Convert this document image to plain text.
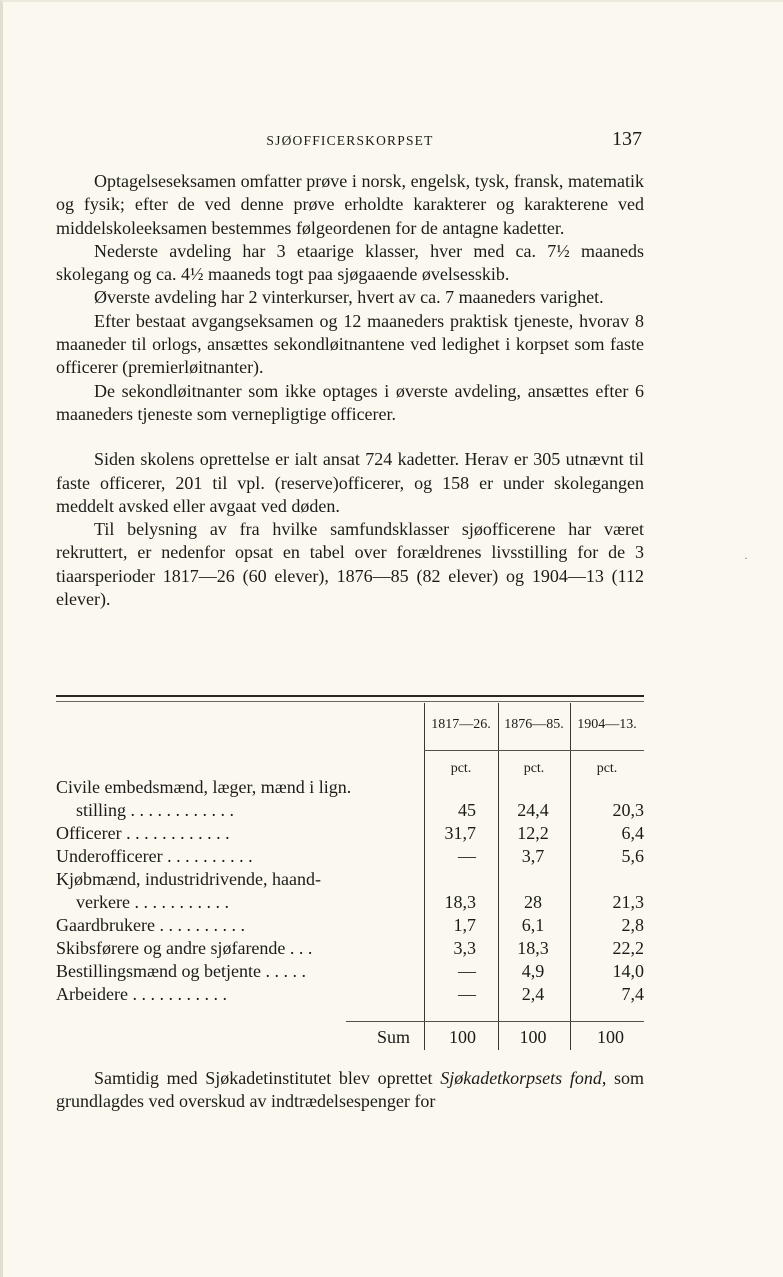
·
SJØOFFICERSKORPSET	137

Optagelseseksamen omfatter prøve i norsk, engelsk, tysk, fransk, matematik og fysik; efter de ved denne prøve erholdte karakterer og karakterene ved middelskoleeksamen bestemmes følgeordenen for de antagne kadetter.

Nederste avdeling har 3 etaarige klasser, hver med ca. 7½ maaneds skolegang og ca. 4½ maaneds togt paa sjøgaaende øvelsesskib.

Øverste avdeling har 2 vinterkurser, hvert av ca. 7 maaneders varighet.

Efter bestaat avgangseksamen og 12 maaneders praktisk tjeneste, hvorav 8 maaneder til orlogs, ansættes sekondløitnantene ved ledighet i korpset som faste officerer (premierløitnanter).

De sekondløitnanter som ikke optages i øverste avdeling, ansættes efter 6 maaneders tjeneste som vernepligtige officerer.

Siden skolens oprettelse er ialt ansat 724 kadetter. Herav er 305 utnævnt til faste officerer, 201 til vpl. (reserve)officerer, og 158 er under skolegangen meddelt avsked eller avgaat ved døden.

Til belysning av fra hvilke samfundsklasser sjøofficerene har været rekruttert, er nedenfor opsat en tabel over forældrenes livsstilling for de 3 tiaarsperioder 1817—26 (60 elever), 1876—85 (82 elever) og 1904—13 (112 elever).

1817—26. 1876—85. 1904—13.
pct.	pct.	pct.
Civile embedsmænd, læger, mænd i lign.
stilling . . . . . . . . . . . .	45	24,4	20,3
Officerer . . . . . . . . . . . .	31,7	12,2	6,4
Underofficerer . . . . . . . . . .	—	3,7	5,6
Kjøbmænd, industridrivende, haand-
verkere . . . . . . . . . . .	18,3	28	21,3
Gaardbrukere . . . . . . . . . .	1,7	6,1	2,8
Skibsførere og andre sjøfarende . . .	3,3	18,3	22,2
Bestillingsmænd og betjente . . . . .	—	4,9	14,0
Arbeidere . . . . . . . . . . .	—	2,4	7,4
Sum 100	100	100

Samtidig med Sjøkadetinstitutet blev oprettet Sjøkadetkorpsets fond, som grundlagdes ved overskud av indtrædelsespenger for
